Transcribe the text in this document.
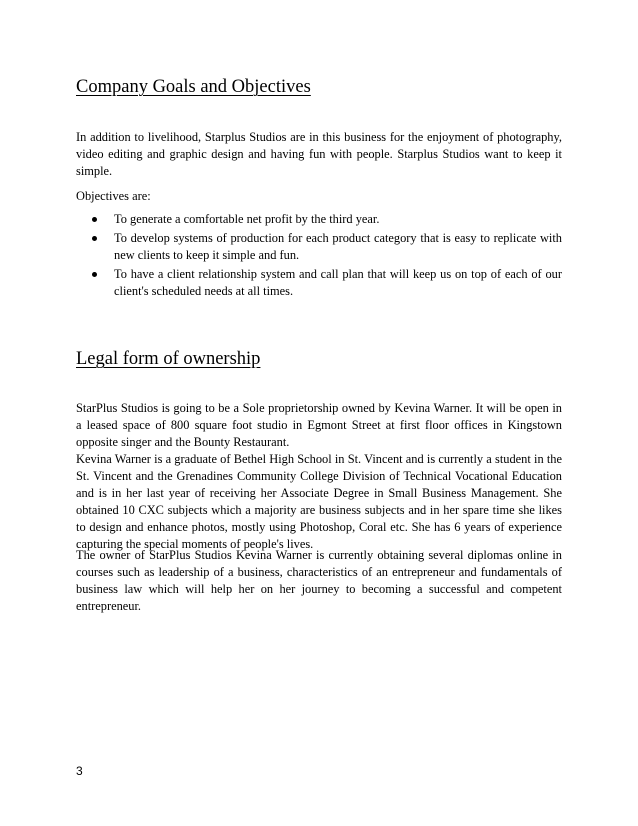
Company Goals and Objectives

In addition to livelihood, Starplus Studios are in this business for the enjoyment of photography, video editing and graphic design and having fun with people. Starplus Studios want to keep it simple.

Objectives are:

To generate a comfortable net profit by the third year.
To develop systems of production for each product category that is easy to replicate with new clients to keep it simple and fun.
To have a client relationship system and call plan that will keep us on top of each of our client's scheduled needs at all times.
Legal form of ownership

StarPlus Studios is going to be a Sole proprietorship owned by Kevina Warner. It will be open in a leased space of 800 square foot studio in Egmont Street at first floor offices in Kingstown opposite singer and the Bounty Restaurant.

Kevina Warner is a graduate of Bethel High School in St. Vincent and is currently a student in the St. Vincent and the Grenadines Community College Division of Technical Vocational Education and is in her last year of receiving her Associate Degree in Small Business Management. She obtained 10 CXC subjects which a majority are business subjects and in her spare time she likes to design and enhance photos, mostly using Photoshop, Coral etc. She has 6 years of experience capturing the special moments of people's lives.

The owner of StarPlus Studios Kevina Warner is currently obtaining several diplomas online in courses such as leadership of a business, characteristics of an entrepreneur and fundamentals of business law which will help her on her journey to becoming a successful and competent entrepreneur.

3
